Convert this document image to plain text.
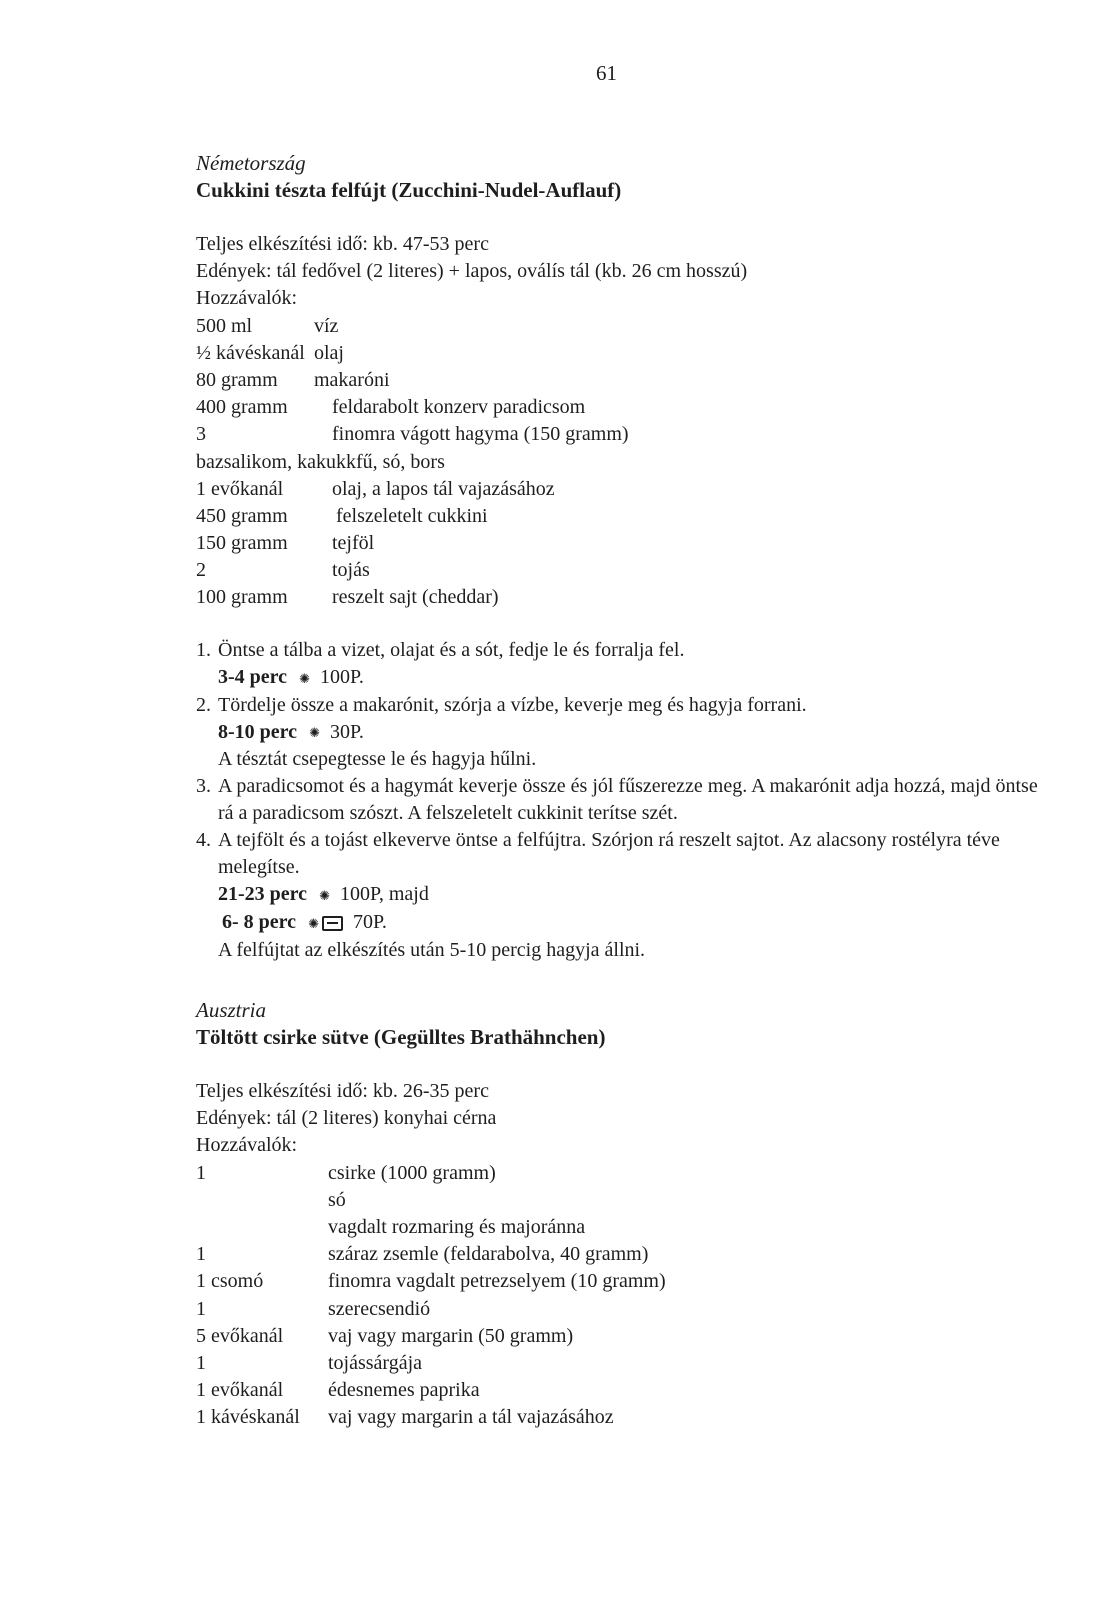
61
Németország
Cukkini tészta felfújt (Zucchini-Nudel-Auflauf)
Teljes elkészítési idő: kb. 47-53 perc
Edények: tál fedővel (2 literes) + lapos, oválís tál (kb. 26 cm hosszú)
Hozzávalók:
500 ml	víz
½ kávéskanál olaj
80 gramm makaróni
400 gramm feldarabolt konzerv paradicsom
3	finomra vágott hagyma (150 gramm)
bazsalikom, kakukkfű, só, bors
1 evőkanál olaj, a lapos tál vajazásához
450 gramm felszeletelt cukkini
150 gramm tejföl
2	tojás
100 gramm reszelt sajt (cheddar)
1. Öntse a tálba a vizet, olajat és a sót, fedje le és forralja fel.
3-4 perc ✺ 100P.
2. Tördelje össze a makarónit, szórja a vízbe, keverje meg és hagyja forrani.
8-10 perc ✺ 30P.
A tésztát csepegtesse le és hagyja hűlni.
3. A paradicsomot és a hagymát keverje össze és jól fűszerezze meg. A makarónit adja hozzá, majd öntse rá a paradicsom szószt. A felszeletelt cukkinit terítse szét.
4. A tejfölt és a tojást elkeverve öntse a felfújtra. Szórjon rá reszelt sajtot. Az alacsony rostélyra téve melegítse.
21-23 perc ✺ 100P, majd
6- 8 perc ✺ 70P.
A felfújtat az elkészítés után 5-10 percig hagyja állni.
Ausztria
Töltött csirke sütve (Gegülltes Brathähnchen)
Teljes elkészítési idő: kb. 26-35 perc
Edények: tál (2 literes) konyhai cérna
Hozzávalók:
1	csirke (1000 gramm)
só
vagdalt rozmaring és majoránna
1	száraz zsemle (feldarabolva, 40 gramm)
1 csomó	finomra vagdalt petrezselyem (10 gramm)
1	szerecsendió
5 evőkanál vaj vagy margarin (50 gramm)
1	tojássárgája
1 evőkanál édesnemes paprika
1 kávéskanál vaj vagy margarin a tál vajazásához
